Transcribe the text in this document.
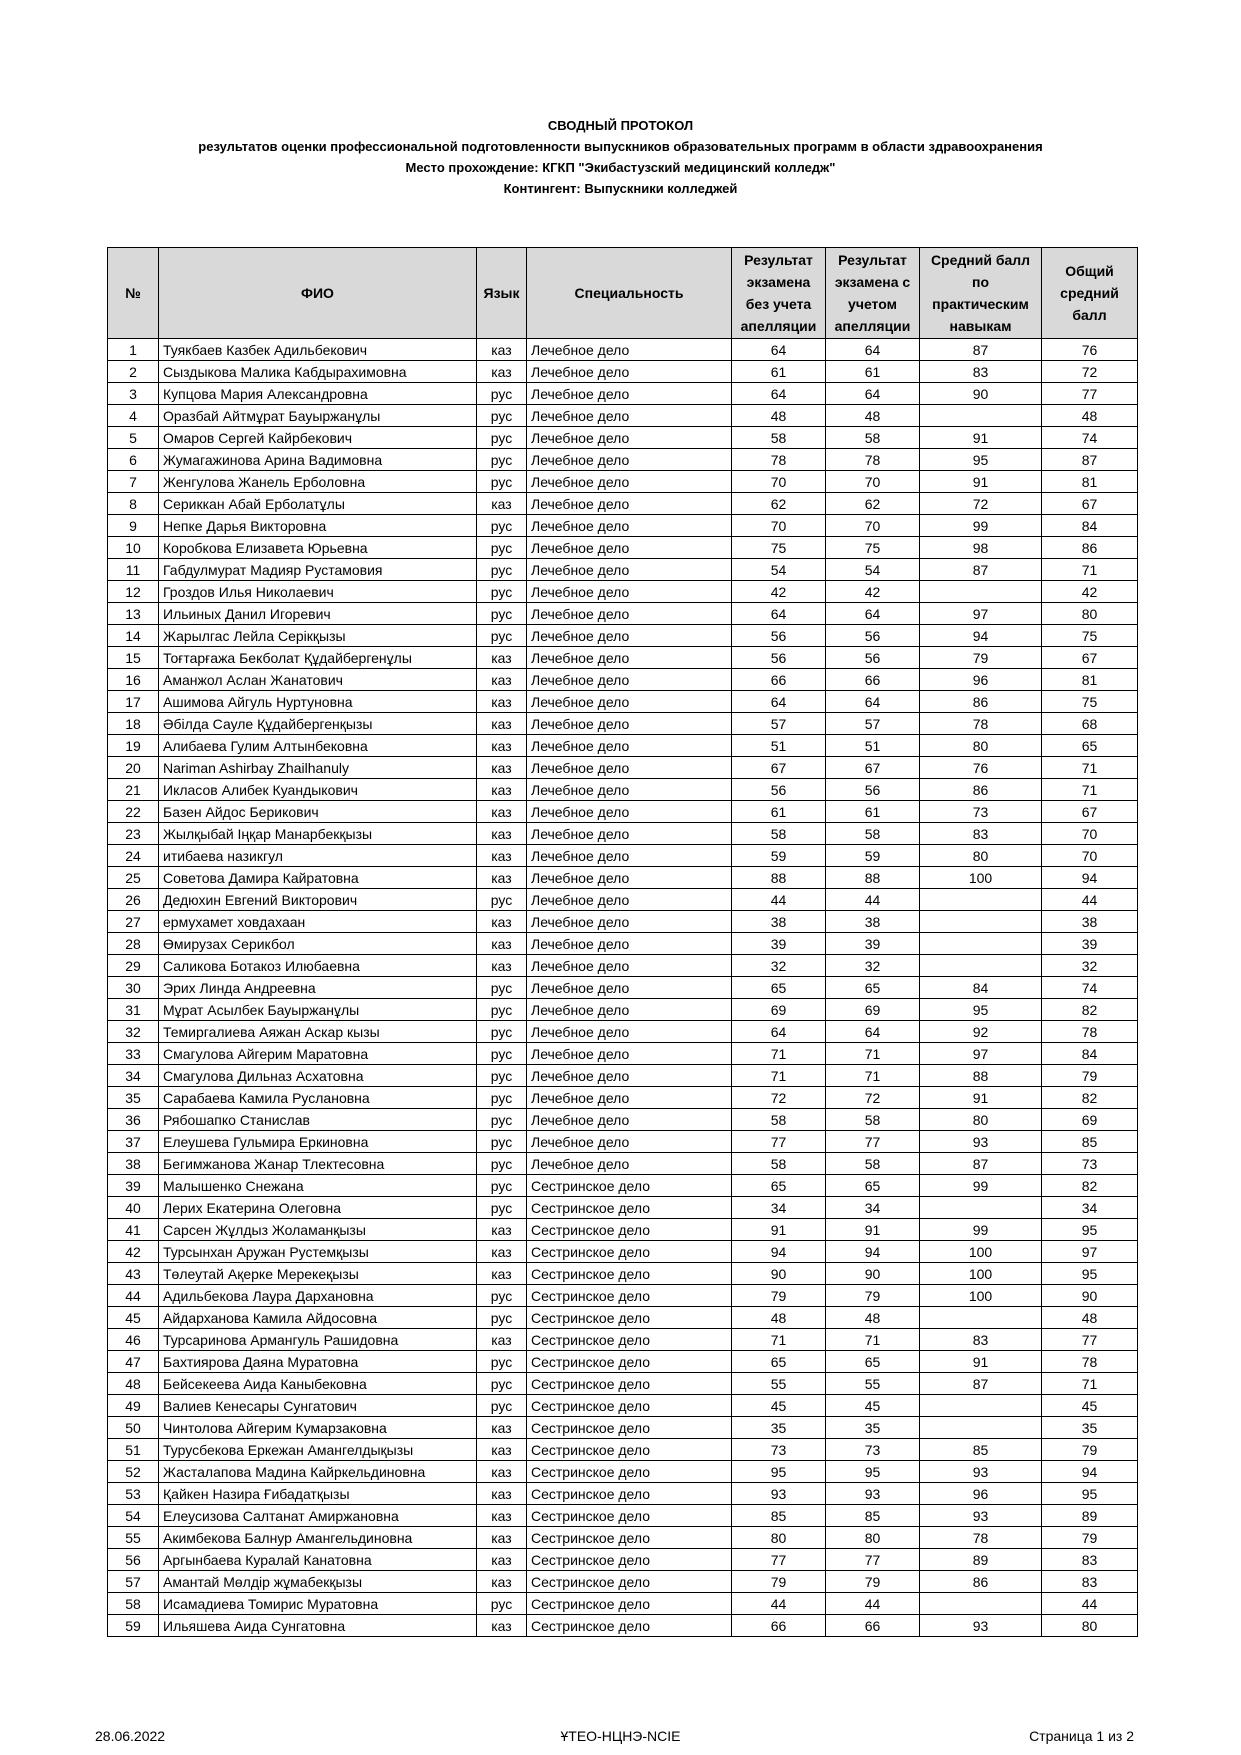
СВОДНЫЙ ПРОТОКОЛ
результатов оценки профессиональной подготовленности выпускников образовательных программ в области здравоохранения
Место прохождение: КГКП "Экибастузский медицинский колледж"
Контингент: Выпускники колледжей
№	ФИО	Язык	Специальность	Результат экзамена без учета апелляции	Результат экзамена с учетом апелляции	Средний балл по практическим навыкам	Общий средний балл
1	Туякбаев Казбек Адильбекович	каз	Лечебное дело	64	64	87	76
2	Сыздыкова Малика Кабдырахимовна	каз	Лечебное дело	61	61	83	72
3	Купцова Мария Александровна	рус	Лечебное дело	64	64	90	77
4	Оразбай Айтмұрат Бауыржанұлы	рус	Лечебное дело	48	48		48
5	Омаров Сергей Кайрбекович	рус	Лечебное дело	58	58	91	74
6	Жумагажинова Арина Вадимовна	рус	Лечебное дело	78	78	95	87
7	Женгулова Жанель Ерболовна	рус	Лечебное дело	70	70	91	81
8	Сериккан Абай Ерболатұлы	каз	Лечебное дело	62	62	72	67
9	Непке Дарья Викторовна	рус	Лечебное дело	70	70	99	84
10	Коробкова Елизавета Юрьевна	рус	Лечебное дело	75	75	98	86
11	Габдулмурат Мадияр Рустамовия	рус	Лечебное дело	54	54	87	71
12	Грoздов Илья Николаевич	рус	Лечебное дело	42	42		42
13	Ильиных Данил Игоревич	рус	Лечебное дело	64	64	97	80
14	Жарылгас Лейла Серікқызы	рус	Лечебное дело	56	56	94	75
15	Тоғтарғажа Бекболат Құдайбергенұлы	каз	Лечебное дело	56	56	79	67
16	Аманжол Аслан Жанатович	каз	Лечебное дело	66	66	96	81
17	Ашимова Айгуль Нуртуновна	каз	Лечебное дело	64	64	86	75
18	Әбілда Сауле Құдайбергенқызы	каз	Лечебное дело	57	57	78	68
19	Алибаева Гулим Алтынбековна	каз	Лечебное дело	51	51	80	65
20	Nariman Ashirbay Zhailhanuly	каз	Лечебное дело	67	67	76	71
21	Икласов Алибек Куандыкович	каз	Лечебное дело	56	56	86	71
22	Базен Айдос Берикович	каз	Лечебное дело	61	61	73	67
23	Жылқыбай Іңқар Манарбекқызы	каз	Лечебное дело	58	58	83	70
24	итибаева назикгул	каз	Лечебное дело	59	59	80	70
25	Советова Дамира Кайратовна	каз	Лечебное дело	88	88	100	94
26	Дедюхин Евгений Викторович	рус	Лечебное дело	44	44		44
27	ермухамет ховдахаан	каз	Лечебное дело	38	38		38
28	Өмирузах Серикбол	каз	Лечебное дело	39	39		39
29	Саликова Ботакоз Илюбаевна	каз	Лечебное дело	32	32		32
30	Эрих Линда Андреевна	рус	Лечебное дело	65	65	84	74
31	Мұрат Асылбек Бауыржанұлы	рус	Лечебное дело	69	69	95	82
32	Темиргалиева Аяжан Аскар кызы	рус	Лечебное дело	64	64	92	78
33	Смагулова Айгерим Маратовна	рус	Лечебное дело	71	71	97	84
34	Смагулова Дильназ Асхатовна	рус	Лечебное дело	71	71	88	79
35	Сарабаева Камила Руслановна	рус	Лечебное дело	72	72	91	82
36	Рябошапко Станислав	рус	Лечебное дело	58	58	80	69
37	Елеушева Гульмира Еркиновна	рус	Лечебное дело	77	77	93	85
38	Бегимжанова Жанар Тлектесовна	рус	Лечебное дело	58	58	87	73
39	Малышенко Снежана	рус	Сестринское дело	65	65	99	82
40	Лерих Екатерина Олеговна	рус	Сестринское дело	34	34		34
41	Сарсен Жұлдыз Жоламанқызы	каз	Сестринское дело	91	91	99	95
42	Турсынхан Аружан Рустемқызы	каз	Сестринское дело	94	94	100	97
43	Төлеутай Ақерке Мерекеқызы	каз	Сестринское дело	90	90	100	95
44	Адильбекова Лаура Дархановна	рус	Сестринское дело	79	79	100	90
45	Айдарханова Камила Айдосовна	рус	Сестринское дело	48	48		48
46	Турсаринова Армангуль Рашидовна	каз	Сестринское дело	71	71	83	77
47	Бахтиярова Даяна Муратовна	рус	Сестринское дело	65	65	91	78
48	Бейсекеева Аида Каныбековна	рус	Сестринское дело	55	55	87	71
49	Валиев Кенесары Сунгатович	рус	Сестринское дело	45	45		45
50	Чинтолова Айгерим Кумарзаковна	каз	Сестринское дело	35	35		35
51	Турусбекова Еркежан Амангелдықызы	каз	Сестринское дело	73	73	85	79
52	Жасталапова Мадина Кайркельдиновна	каз	Сестринское дело	95	95	93	94
53	Қайкен Назира Ғибадатқызы	каз	Сестринское дело	93	93	96	95
54	Елеусизова Салтанат Амиржановна	каз	Сестринское дело	85	85	93	89
55	Акимбекова Балнур Амангельдиновна	каз	Сестринское дело	80	80	78	79
56	Аргынбаева Куралай Канатовна	каз	Сестринское дело	77	77	89	83
57	Амантай Мөлдір жұмабекқызы	каз	Сестринское дело	79	79	86	83
58	Исамадиева Томирис Муратовна	рус	Сестринское дело	44	44		44
59	Ильяшева Аида Сунгатовна	каз	Сестринское дело	66	66	93	80
28.06.2022	ҰТЕО-НЦНЭ-NCIE	Страница 1 из 2
